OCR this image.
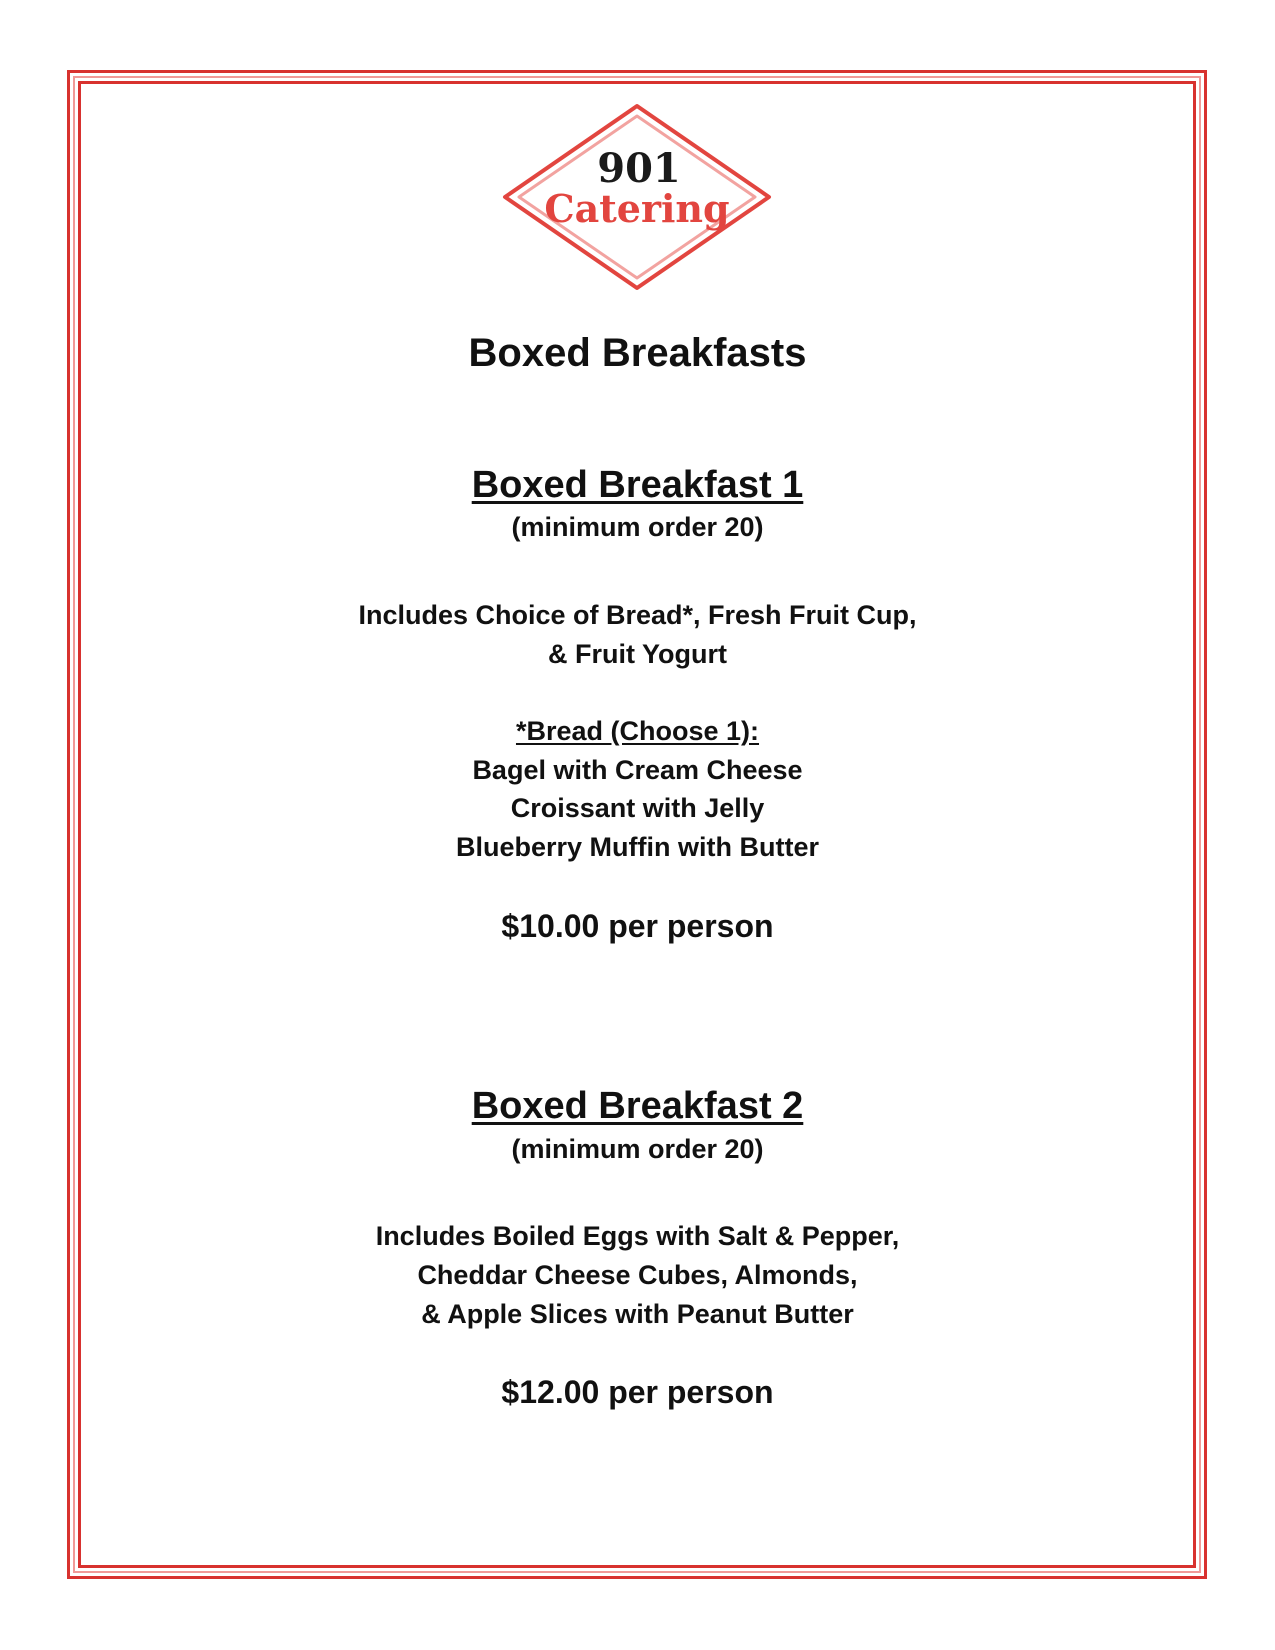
901
Catering
Boxed Breakfasts
Boxed Breakfast 1
(minimum order 20)
Includes Choice of Bread*, Fresh Fruit Cup,
& Fruit Yogurt
*Bread (Choose 1):
Bagel with Cream Cheese
Croissant with Jelly
Blueberry Muffin with Butter
$10.00 per person
Boxed Breakfast 2
(minimum order 20)
Includes Boiled Eggs with Salt & Pepper,
Cheddar Cheese Cubes, Almonds,
& Apple Slices with Peanut Butter
$12.00 per person
